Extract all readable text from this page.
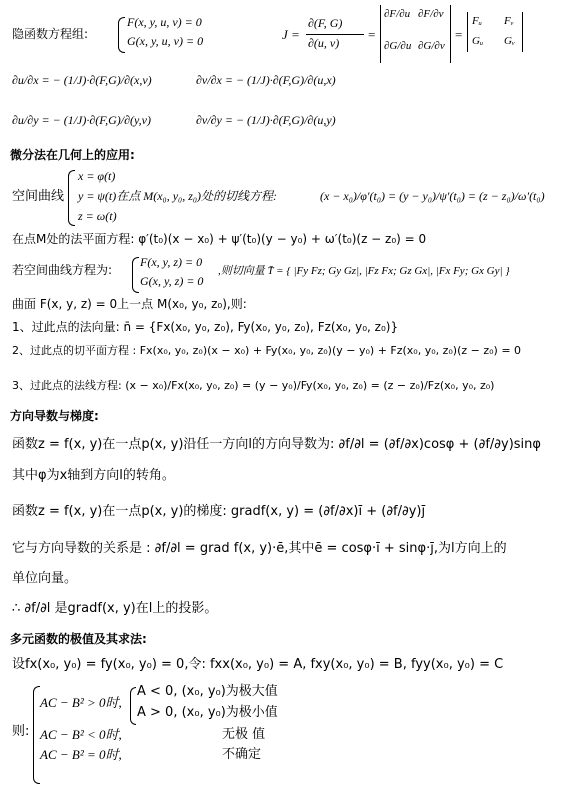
隐函数方程组:
F(x, y, u, v) = 0
G(x, y, u, v) = 0	J =
∂(F, G)
∂(u, v)
=
∂F/∂u ∂F/∂v
∂G/∂u ∂G/∂v
=
Fᵤ Fᵥ
Gᵤ Gᵥ
∂u/∂x = − (1/J)·∂(F,G)/∂(x,v)	∂v/∂x = − (1/J)·∂(F,G)/∂(u,x)
∂u/∂y = − (1/J)·∂(F,G)/∂(y,v)	∂v/∂y = − (1/J)·∂(F,G)/∂(u,y)
微分法在几何上的应用:
空间曲线
x = φ(t)
y = ψ(t)在点 M(x₀, y₀, z₀)处的切线方程:
z = ω(t)
(x − x₀)/φ′(t₀) = (y − y₀)/ψ′(t₀) = (z − z₀)/ω′(t₀)
在点M处的法平面方程: φ′(t₀)(x − x₀) + ψ′(t₀)(y − y₀) + ω′(t₀)(z − z₀) = 0
若空间曲线方程为:
F(x, y, z) = 0
G(x, y, z) = 0
,则切向量 T̄ = { |Fy Fz; Gy Gz|, |Fz Fx; Gz Gx|, |Fx Fy; Gx Gy| }
曲面 F(x, y, z) = 0上一点 M(x₀, y₀, z₀),则:
1、过此点的法向量: n̄ = {Fx(x₀, y₀, z₀), Fy(x₀, y₀, z₀), Fz(x₀, y₀, z₀)}
2、过此点的切平面方程 : Fx(x₀, y₀, z₀)(x − x₀) + Fy(x₀, y₀, z₀)(y − y₀) + Fz(x₀, y₀, z₀)(z − z₀) = 0
3、过此点的法线方程: (x − x₀)/Fx(x₀, y₀, z₀) = (y − y₀)/Fy(x₀, y₀, z₀) = (z − z₀)/Fz(x₀, y₀, z₀)
方向导数与梯度:
函数z = f(x, y)在一点p(x, y)沿任一方向l的方向导数为: ∂f/∂l = (∂f/∂x)cosφ + (∂f/∂y)sinφ
其中φ为x轴到方向l的转角。
函数z = f(x, y)在一点p(x, y)的梯度: gradf(x, y) = (∂f/∂x)ī + (∂f/∂y)j̄
它与方向导数的关系是 : ∂f/∂l = grad f(x, y)·ē,其中ē = cosφ·ī + sinφ·j̄,为l方向上的
单位向量。
∴ ∂f/∂l 是gradf(x, y)在l上的投影。
多元函数的极值及其求法:
设fx(x₀, y₀) = fy(x₀, y₀) = 0,令: fxx(x₀, y₀) = A, fxy(x₀, y₀) = B, fyy(x₀, y₀) = C
则:
AC − B² > 0时,
A < 0, (x₀, y₀)为极大值
A > 0, (x₀, y₀)为极小值
AC − B² < 0时,	无极 值
AC − B² = 0时,	不确定
